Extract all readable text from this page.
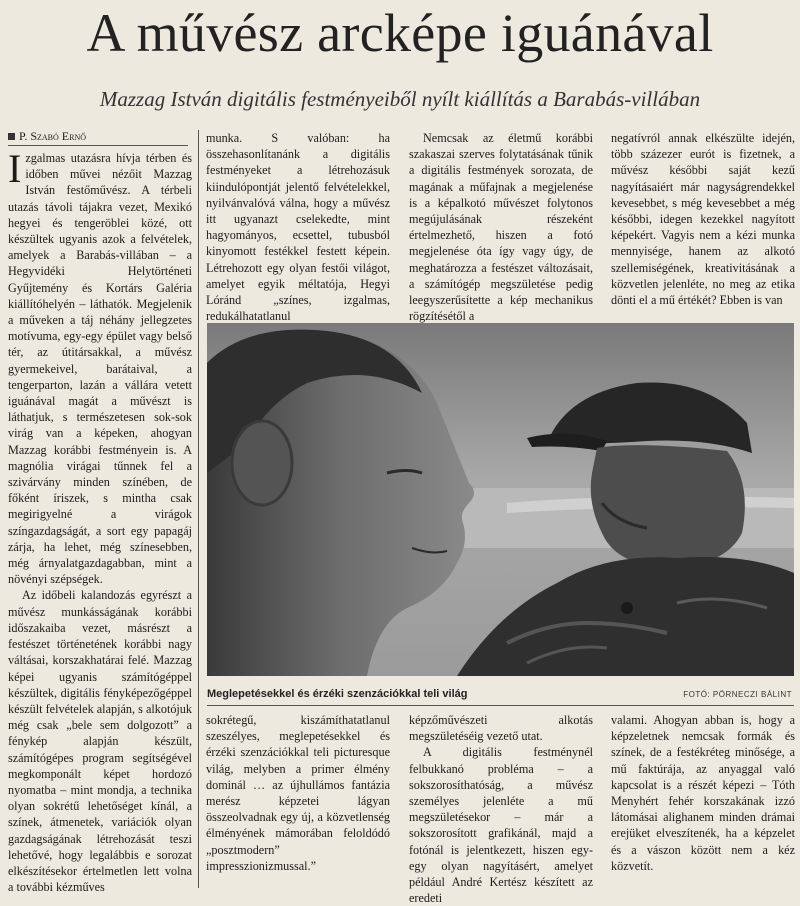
A művész arcképe iguánával
Mazzag István digitális festményeiből nyílt kiállítás a Barabás-villában
P. Szabó Ernő

Izgalmas utazásra hívja térben és időben művei nézőit Mazzag István festőművész. A térbeli utazás távoli tájakra vezet, Mexikó hegyei és tengeröblei közé, ott készültek ugyanis azok a felvételek, amelyek a Barabás-villában – a Hegyvidéki Helytörténeti Gyűjtemény és Kortárs Galéria kiállítóhelyén – láthatók. Megjelenik a műveken a táj néhány jellegzetes motívuma, egy-egy épület vagy belső tér, az útitársakkal, a művész gyermekeivel, barátaival, a tengerparton, lazán a vállára vetett iguánával magát a művészt is láthatjuk, s természetesen sok-sok virág van a képeken, ahogyan Mazzag korábbi festményein is. A magnólia virágai tűnnek fel a szivárvány minden színében, de főként íriszek, s mintha csak megirigyelné a virágok színgazdagságát, a sort egy papagáj zárja, ha lehet, még színesebben, még árnyalatgazdagabban, mint a növényi szépségek.

Az időbeli kalandozás egyrészt a művész munkásságának korábbi időszakaiba vezet, másrészt a festészet történetének korábbi nagy váltásai, korszakhatárai felé. Mazzag képei ugyanis számítógéppel készültek, digitális fényképezőgéppel készült felvételek alapján, s alkotójuk még csak „bele sem dolgozott” a fénykép alapján készült, számítógépes program segítségével megkomponált képet hordozó nyomatba – mint mondja, a technika olyan sokrétű lehetőséget kínál, a színek, átmenetek, variációk olyan gazdagságának létrehozását teszi lehetővé, hogy legalábbis e sorozat elkészítésekor értelmetlen lett volna a további kézműves

munka. S valóban: ha összehasonlítanánk a digitális festményeket a létrehozásuk kiindulópontját jelentő felvételekkel, nyilvánvalóvá válna, hogy a művész itt ugyanazt cselekedte, mint hagyományos, ecsettel, tubusból kinyomott festékkel festett képein. Létrehozott egy olyan festői világot, amelyet egyik méltatója, Hegyi Lóránd „színes, izgalmas, redukálhatatlanul

Nemcsak az életmű korábbi szakaszai szerves folytatásának tűnik a digitális festmények sorozata, de magának a műfajnak a megjelenése is a képalkotó művészet folytonos megújulásának részeként értelmezhető, hiszen a fotó megjelenése óta így vagy úgy, de meghatározza a festészet változásait, a számítógép megszületése pedig leegyszerűsítette a kép mechanikus rögzítésétől a

negatívról annak elkészülte idején, több százezer eurót is fizetnek, a művész későbbi saját kezű nagyításaiért már nagyságrendekkel kevesebbet, s még kevesebbet a még későbbi, idegen kezekkel nagyított képekért. Vagyis nem a kézi munka mennyisége, hanem az alkotó szellemiségének, kreativitásának a közvetlen jelenléte, no meg az etika dönti el a mű értékét? Ebben is van

Meglepetésekkel és érzéki szenzációkkal teli világ	FOTÓ: PÖRNECZI BÁLINT

sokrétegű, kiszámíthatatlanul szeszélyes, meglepetésekkel és érzéki szenzációkkal teli picturesque világ, melyben a primer élmény dominál … az újhullámos fantázia merész képzetei lágyan összeolvadnak egy új, a közvetlenség élményének mámorában feloldódó „posztmodern” impresszionizmussal.”

képzőművészeti alkotás megszületéséig vezető utat.

A digitális festménynél felbukkanó probléma – a sokszorosíthatóság, a művész személyes jelenléte a mű megszületésekor – már a sokszorosított grafikánál, majd a fotónál is jelentkezett, hiszen egy-egy olyan nagyításért, amelyet például André Kertész készített az eredeti

valami. Ahogyan abban is, hogy a képzeletnek nemcsak formák és színek, de a festékréteg minősége, a mű faktúrája, az anyaggal való kapcsolat is a részét képezi – Tóth Menyhért fehér korszakának izzó látomásai alighanem minden drámai erejüket elveszítenék, ha a képzelet és a vászon között nem a kéz közvetít.
